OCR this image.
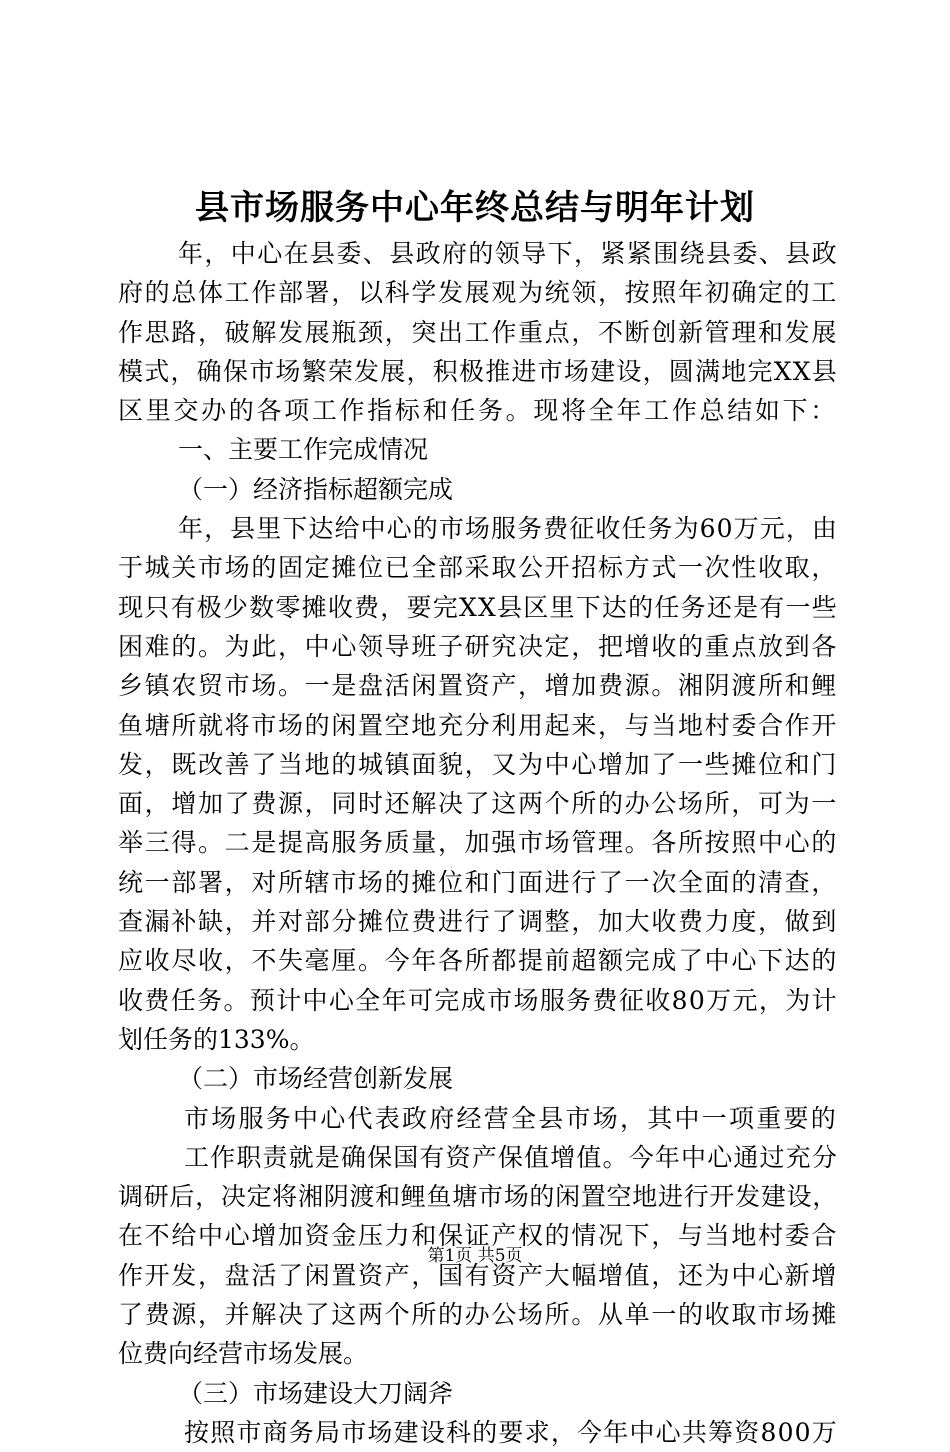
县市场服务中心年终总结与明年计划
年，中心在县委、县政府的领导下，紧紧围绕县委、县政
府的总体工作部署，以科学发展观为统领，按照年初确定的工
作思路，破解发展瓶颈，突出工作重点，不断创新管理和发展
模式，确保市场繁荣发展，积极推进市场建设，圆满地完XX县
区里交办的各项工作指标和任务。现将全年工作总结如下：
一、主要工作完成情况
（一）经济指标超额完成
年，县里下达给中心的市场服务费征收任务为60万元，由
于城关市场的固定摊位已全部采取公开招标方式一次性收取，
现只有极少数零摊收费，要完XX县区里下达的任务还是有一些
困难的。为此，中心领导班子研究决定，把增收的重点放到各
乡镇农贸市场。一是盘活闲置资产，增加费源。湘阴渡所和鲤
鱼塘所就将市场的闲置空地充分利用起来，与当地村委合作开
发，既改善了当地的城镇面貌，又为中心增加了一些摊位和门
面，增加了费源，同时还解决了这两个所的办公场所，可为一
举三得。二是提高服务质量，加强市场管理。各所按照中心的
统一部署，对所辖市场的摊位和门面进行了一次全面的清查，
查漏补缺，并对部分摊位费进行了调整，加大收费力度，做到
应收尽收，不失毫厘。今年各所都提前超额完成了中心下达的
收费任务。预计中心全年可完成市场服务费征收80万元，为计
划任务的133%。
（二）市场经营创新发展
市场服务中心代表政府经营全县市场，其中一项重要的
工作职责就是确保国有资产保值增值。今年中心通过充分
调研后，决定将湘阴渡和鲤鱼塘市场的闲置空地进行开发建设，
在不给中心增加资金压力和保证产权的情况下，与当地村委合
作开发，盘活了闲置资产，国有资产大幅增值，还为中心新增
了费源，并解决了这两个所的办公场所。从单一的收取市场摊
位费向经营市场发展。
（三）市场建设大刀阔斧
按照市商务局市场建设科的要求，今年中心共筹资800万
第1页 共5页
